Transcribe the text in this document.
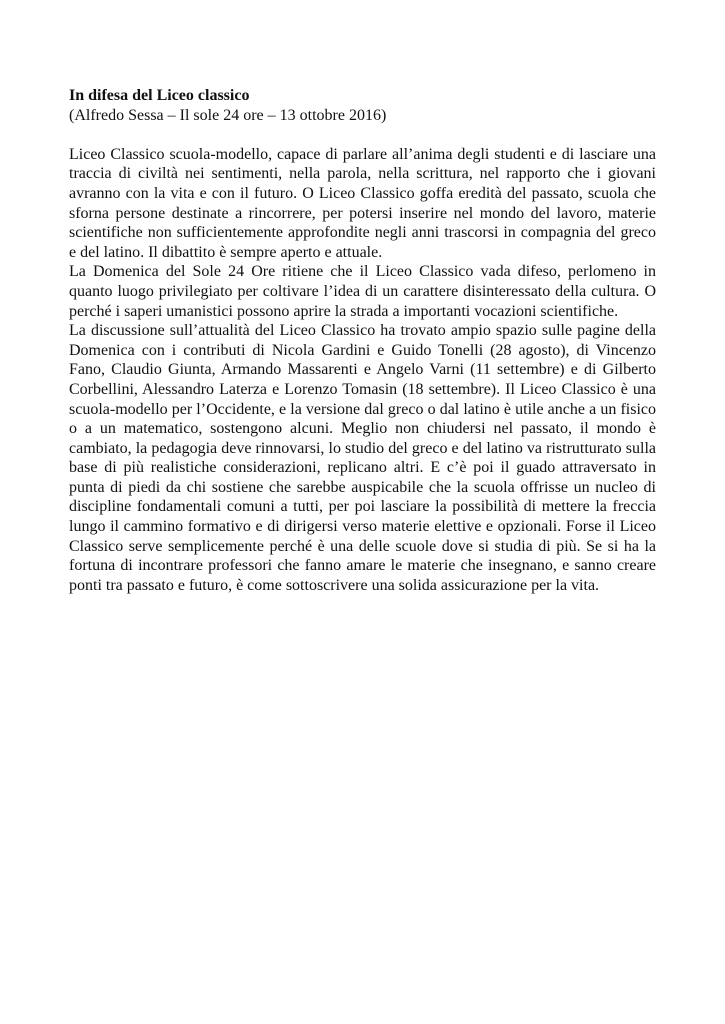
In difesa del Liceo classico

(Alfredo Sessa – Il sole 24 ore – 13 ottobre 2016)

Liceo Classico scuola-modello, capace di parlare all’anima degli studenti e di lasciare una traccia di civiltà nei sentimenti, nella parola, nella scrittura, nel rapporto che i giovani avranno con la vita e con il futuro. O Liceo Classico goffa eredità del passato, scuola che sforna persone destinate a rincorrere, per potersi inserire nel mondo del lavoro, materie scientifiche non sufficientemente approfondite negli anni trascorsi in compagnia del greco e del latino. Il dibattito è sempre aperto e attuale.

La Domenica del Sole 24 Ore ritiene che il Liceo Classico vada difeso, perlomeno in quanto luogo privilegiato per coltivare l’idea di un carattere disinteressato della cultura. O perché i saperi umanistici possono aprire la strada a importanti vocazioni scientifiche.

La discussione sull’attualità del Liceo Classico ha trovato ampio spazio sulle pagine della Domenica con i contributi di Nicola Gardini e Guido Tonelli (28 agosto), di Vincenzo Fano, Claudio Giunta, Armando Massarenti e Angelo Varni (11 settembre) e di Gilberto Corbellini, Alessandro Laterza e Lorenzo Tomasin (18 settembre). Il Liceo Classico è una scuola-modello per l’Occidente, e la versione dal greco o dal latino è utile anche a un fisico o a un matematico, sostengono alcuni. Meglio non chiudersi nel passato, il mondo è cambiato, la pedagogia deve rinnovarsi, lo studio del greco e del latino va ristrutturato sulla base di più realistiche considerazioni, replicano altri. E c’è poi il guado attraversato in punta di piedi da chi sostiene che sarebbe auspicabile che la scuola offrisse un nucleo di discipline fondamentali comuni a tutti, per poi lasciare la possibilità di mettere la freccia lungo il cammino formativo e di dirigersi verso materie elettive e opzionali. Forse il Liceo Classico serve semplicemente perché è una delle scuole dove si studia di più. Se si ha la fortuna di incontrare professori che fanno amare le materie che insegnano, e sanno creare ponti tra passato e futuro, è come sottoscrivere una solida assicurazione per la vita.
